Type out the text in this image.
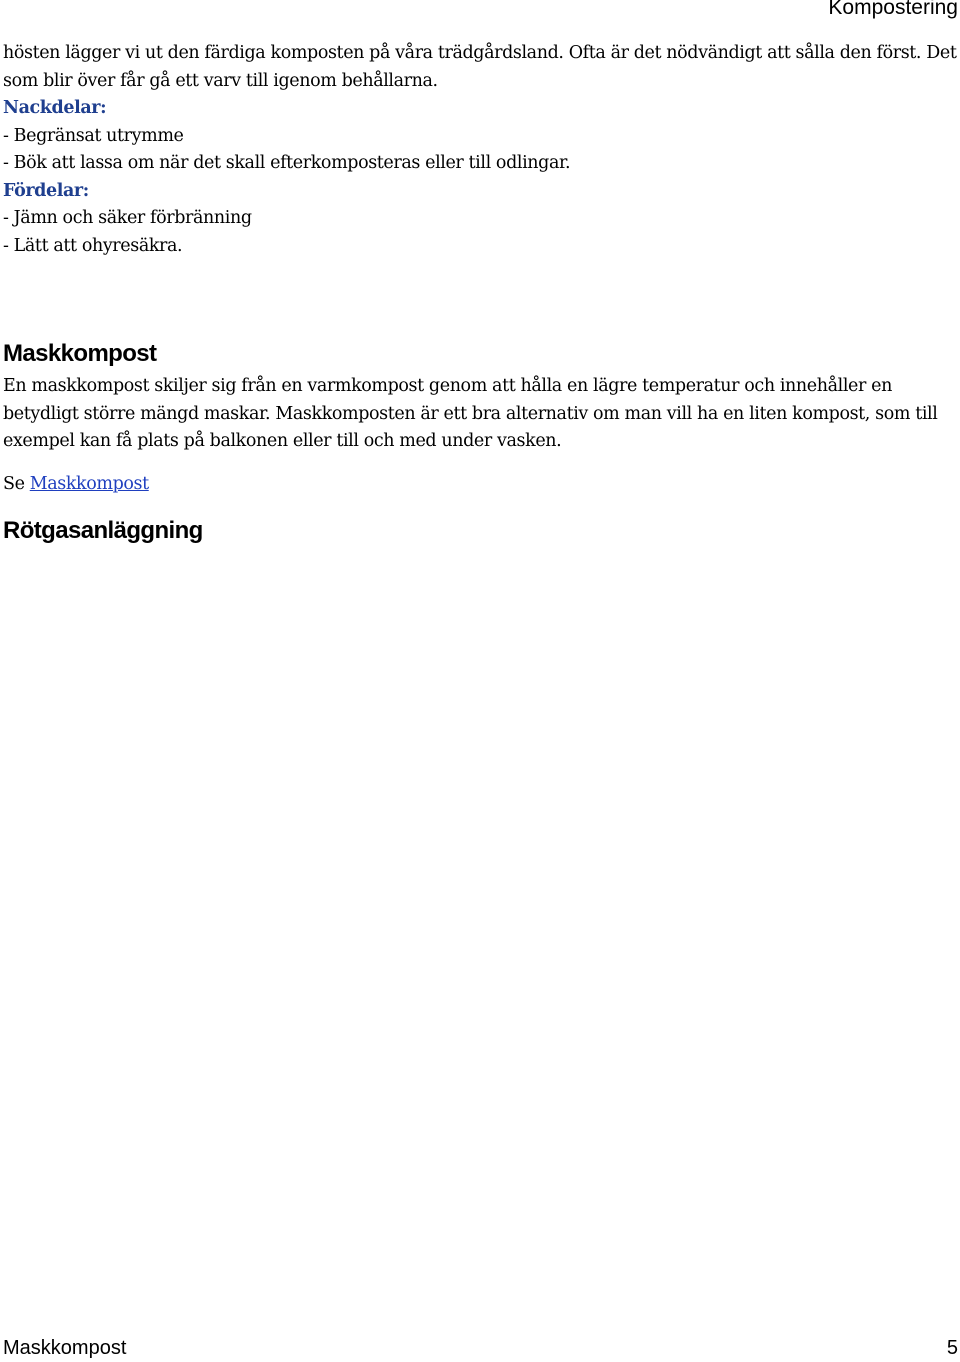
Kompostering

hösten lägger vi ut den färdiga komposten på våra trädgårdsland. Ofta är det nödvändigt att sålla den först. Det som blir över får gå ett varv till igenom behållarna.

Nackdelar:
- Begränsat utrymme
- Bök att lassa om när det skall efterkomposteras eller till odlingar.
Fördelar:
- Jämn och säker förbränning
- Lätt att ohyresäkra.

Maskkompost

En maskkompost skiljer sig från en varmkompost genom att hålla en lägre temperatur och innehåller en betydligt större mängd maskar. Maskkomposten är ett bra alternativ om man vill ha en liten kompost, som till exempel kan få plats på balkonen eller till och med under vasken.

Se Maskkompost

Rötgasanläggning
Maskkompost	5
